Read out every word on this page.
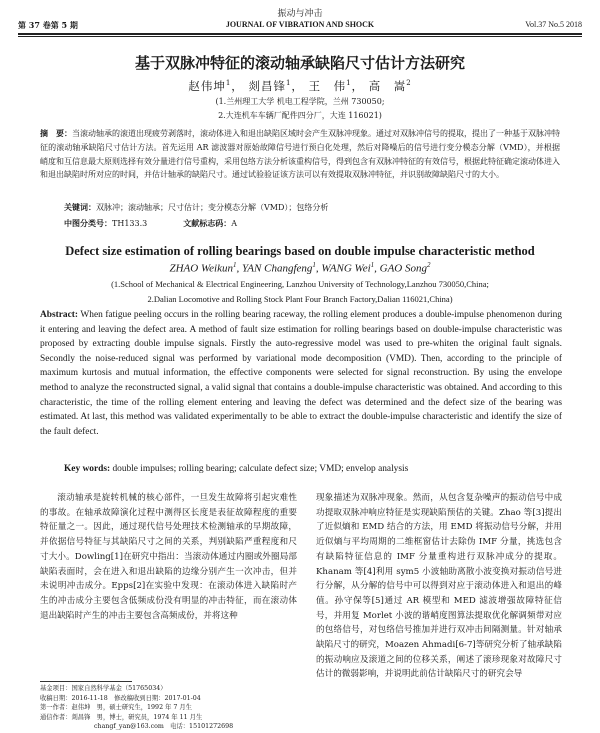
振动与冲击
第 37 卷第 5 期	JOURNAL OF VIBRATION AND SHOCK	Vol.37 No.5 2018
基于双脉冲特征的滚动轴承缺陷尺寸估计方法研究
赵伟坤$^1$， 剡昌锋$^1$， 王　伟$^1$， 高　嵩$^2$
(1.兰州理工大学 机电工程学院，兰州 730050;
2.大连机车车辆厂配件四分厂，大连 116021)
摘　要：当滚动轴承的滚道出现疲劳剥落时，滚动体进入和退出缺陷区域时会产生双脉冲现象。通过对双脉冲信号的提取，提出了一种基于双脉冲特征的滚动轴承缺陷尺寸估计方法。首先运用 AR 滤波器对原始故障信号进行预白化处理，然后对降噪后的信号进行变分模态分解（VMD），并根据峭度和互信息最大原则选择有效分量进行信号重构，采用包络方法分析该重构信号，得到包含有双脉冲特征的有效信号，根据此特征确定滚动体进入和退出缺陷时所对应的时间，并估计轴承的缺陷尺寸。通过试验验证该方法可以有效提取双脉冲特征，并识别故障缺陷尺寸的大小。
关键词：双脉冲；滚动轴承；尺寸估计；变分模态分解（VMD）；包络分析
中图分类号：TH133.3	文献标志码：A
Defect size estimation of rolling bearings based on double impulse characteristic method
ZHAO Weikun$^1$, YAN Changfeng$^1$, WANG Wei$^1$, GAO Song$^2$
(1.School of Mechanical & Electrical Engineering, Lanzhou University of Technology,Lanzhou 730050,China;
2.Dalian Locomotive and Rolling Stock Plant Four Branch Factory,Dalian 116021,China)
Abstract: When fatigue peeling occurs in the rolling bearing raceway, the rolling element produces a double-impulse phenomenon during it entering and leaving the defect area. A method of fault size estimation for rolling bearings based on double-impulse characteristic was proposed by extracting double impulse signals. Firstly the auto-regressive model was used to pre-whiten the original fault signals. Secondly the noise-reduced signal was performed by variational mode decomposition (VMD). Then, according to the principle of maximum kurtosis and mutual information, the effective components were selected for signal reconstruction. By using the envelope method to analyze the reconstructed signal, a valid signal that contains a double-impulse characteristic was obtained. And according to this characteristic, the time of the rolling element entering and leaving the defect was determined and the defect size of the bearing was estimated. At last, this method was validated experimentally to be able to extract the double-impulse characteristic and identify the size of the fault defect.
Key words: double impulses; rolling bearing; calculate defect size; VMD; envelop analysis

滚动轴承是旋转机械的核心部件，一旦发生故障将引起灾难性的事故。在轴承故障演化过程中测得区长度是表征故障程度的重要特征量之一。因此，通过现代信号处理技术检测轴承的早期故障，并依据信号特征与其缺陷尺寸之间的关系，判别缺陷严重程度和尺寸大小。Dowling[1]在研究中指出：当滚动体通过内圈或外圈局部缺陷表面时，会在进入和退出缺陷的边缘分别产生一次冲击，但并未说明冲击成分。Epps[2]在实验中发现：在滚动体进入缺陷时产生的冲击成分主要包含低频成份没有明显的冲击特征，而在滚动体退出缺陷时产生的冲击主要包含高频成份，并将这种

现象描述为双脉冲现象。然而，从包含复杂噪声的振动信号中成功提取双脉冲响应特征是实现缺陷预估的关键。Zhao 等[3]提出了近似熵和 EMD 结合的方法，用 EMD 将振动信号分解，并用近似熵与平均周期的二维框窗估计去除伪 IMF 分量，挑选包含有缺陷特征信息的 IMF 分量重构进行双脉冲成分的提取。Khanam 等[4]利用 sym5 小波轴助离散小波变换对振动信号进行分解，从分解的信号中可以得到对应于滚动体进入和退出的峰值。孙守保等[5]通过 AR 模型和 MED 滤波增强故障特征信号，并用复 Morlet 小波的谐峭度图算法提取优化解调频带对应的包络信号，对包络信号推加并进行双冲击间隔测量。针对轴承缺陷尺寸的研究，Moazen Ahmadi[6-7]等研究分析了轴承缺陷的振动响应及滚道之间的位移关系，阐述了滚珍现象对故障尺寸估计的微弱影响，并说明此前估计缺陷尺寸的研究会导

基金项目：国家自然科学基金（51765034）
收稿日期：2016-11-18　修改稿收到日期：2017-01-04
第一作者：赵伟坤　男，硕士研究生，1992 年 7 月生
通信作者：剡昌锋　男，博士，研究员，1974 年 11 月生
changf_yan@163.com　电话：15101272698
